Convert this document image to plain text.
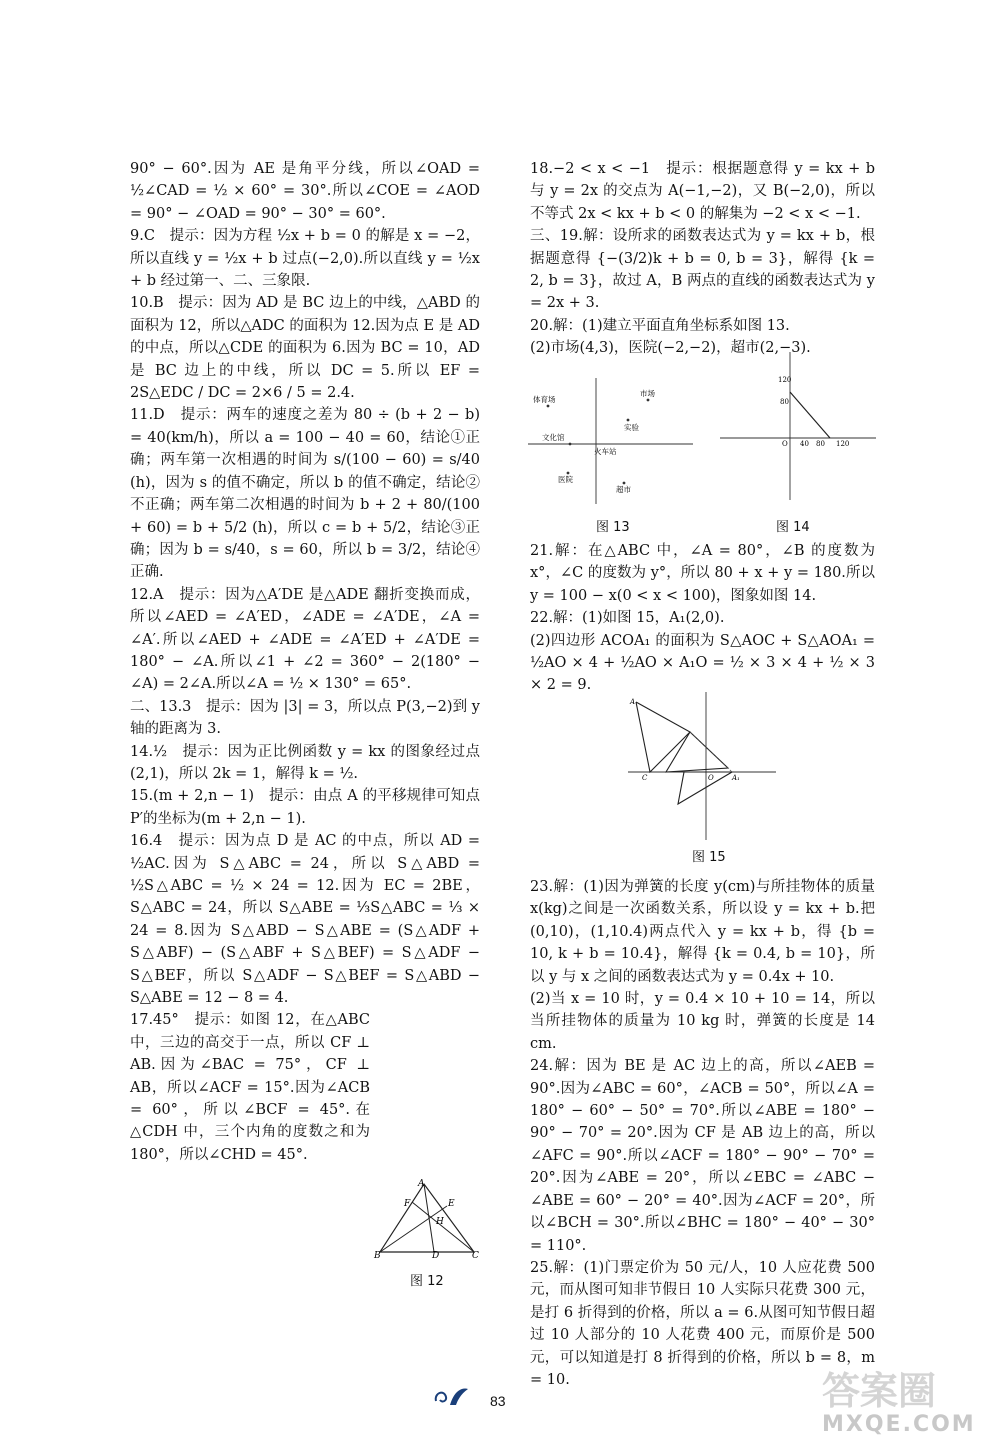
90° − 60°.因为 AE 是角平分线，所以∠OAD = ½∠CAD = ½ × 60° = 30°.所以∠COE = ∠AOD = 90° − ∠OAD = 90° − 30° = 60°.

9.C　提示：因为方程 ½x + b = 0 的解是 x = −2，所以直线 y = ½x + b 过点(−2,0).所以直线 y = ½x + b 经过第一、二、三象限.

10.B　提示：因为 AD 是 BC 边上的中线，△ABD 的面积为 12，所以△ADC 的面积为 12.因为点 E 是 AD 的中点，所以△CDE 的面积为 6.因为 BC = 10，AD 是 BC 边上的中线，所以 DC = 5.所以 EF = 2S△EDC / DC = 2×6 / 5 = 2.4.

11.D　提示：两车的速度之差为 80 ÷ (b + 2 − b) = 40(km/h)，所以 a = 100 − 40 = 60，结论①正确；两车第一次相遇的时间为 s/(100 − 60) = s/40 (h)，因为 s 的值不确定，所以 b 的值不确定，结论②不正确；两车第二次相遇的时间为 b + 2 + 80/(100 + 60) = b + 5/2 (h)，所以 c = b + 5/2，结论③正确；因为 b = s/40，s = 60，所以 b = 3/2，结论④正确.

12.A　提示：因为△A′DE 是△ADE 翻折变换而成，所以∠AED = ∠A′ED，∠ADE = ∠A′DE，∠A = ∠A′.所以∠AED + ∠ADE = ∠A′ED + ∠A′DE = 180° − ∠A.所以∠1 + ∠2 = 360° − 2(180° − ∠A) = 2∠A.所以∠A = ½ × 130° = 65°.

二、13.3　提示：因为 |3| = 3，所以点 P(3,−2)到 y 轴的距离为 3.

14.½　提示：因为正比例函数 y = kx 的图象经过点(2,1)，所以 2k = 1，解得 k = ½.

15.(m + 2,n − 1)　提示：由点 A 的平移规律可知点 P′的坐标为(m + 2,n − 1).

16.4　提示：因为点 D 是 AC 的中点，所以 AD = ½AC.因为 S△ABC = 24，所以 S△ABD = ½S△ABC = ½ × 24 = 12.因为 EC = 2BE，S△ABC = 24，所以 S△ABE = ⅓S△ABC = ⅓ × 24 = 8.因为 S△ABD − S△ABE = (S△ADF + S△ABF) − (S△ABF + S△BEF) = S△ADF − S△BEF，所以 S△ADF − S△BEF = S△ABD − S△ABE = 12 − 8 = 4.

17.45°　提示：如图 12，在△ABC 中，三边的高交于一点，所以 CF ⊥ AB.因为∠BAC = 75°，CF ⊥ AB，所以∠ACF = 15°.因为∠ACB = 60°，所以∠BCF = 45°.在△CDH 中，三个内角的度数之和为 180°，所以∠CHD = 45°.

A
F	E
H
B	D	C
图 12

18.−2 < x < −1　提示：根据题意得 y = kx + b 与 y = 2x 的交点为 A(−1,−2)，又 B(−2,0)，所以不等式 2x < kx + b < 0 的解集为 −2 < x < −1.

三、19.解：设所求的函数表达式为 y = kx + b，根据题意得 {−(3/2)k + b = 0, b = 3}，解得 {k = 2, b = 3}，故过 A，B 两点的直线的函数表达式为 y = 2x + 3.

20.解：(1)建立平面直角坐标系如图 13.

(2)市场(4,3)，医院(−2,−2)，超市(2,−3).

体育场
市场
实验
文化馆
火车站
医院
超市
图 13
120
80
O 40 80 120
图 14

21.解：在△ABC 中，∠A = 80°，∠B 的度数为 x°，∠C 的度数为 y°，所以 80 + x + y = 180.所以 y = 100 − x(0 < x < 100)，图象如图 14.

22.解：(1)如图 15，A₁(2,0).

(2)四边形 ACOA₁ 的面积为 S△AOC + S△AOA₁ = ½AO × 4 + ½AO × A₁O = ½ × 3 × 4 + ½ × 3 × 2 = 9.

A
C	O	A₁
图 15

23.解：(1)因为弹簧的长度 y(cm)与所挂物体的质量 x(kg)之间是一次函数关系，所以设 y = kx + b.把(0,10)，(1,10.4)两点代入 y = kx + b，得 {b = 10, k + b = 10.4}，解得 {k = 0.4, b = 10}，所以 y 与 x 之间的函数表达式为 y = 0.4x + 10.

(2)当 x = 10 时，y = 0.4 × 10 + 10 = 14，所以当所挂物体的质量为 10 kg 时，弹簧的长度是 14 cm.

24.解：因为 BE 是 AC 边上的高，所以∠AEB = 90°.因为∠ABC = 60°，∠ACB = 50°，所以∠A = 180° − 60° − 50° = 70°.所以∠ABE = 180° − 90° − 70° = 20°.因为 CF 是 AB 边上的高，所以∠AFC = 90°.所以∠ACF = 180° − 90° − 70° = 20°.因为∠ABE = 20°，所以∠EBC = ∠ABC − ∠ABE = 60° − 20° = 40°.因为∠ACF = 20°，所以∠BCH = 30°.所以∠BHC = 180° − 40° − 30° = 110°.

25.解：(1)门票定价为 50 元/人，10 人应花费 500 元，而从图可知非节假日 10 人实际只花费 300 元，是打 6 折得到的价格，所以 a = 6.从图可知节假日超过 10 人部分的 10 人花费 400 元，而原价是 500 元，可以知道是打 8 折得到的价格，所以 b = 8，m = 10.

83	答案圈
MXQE.COM
